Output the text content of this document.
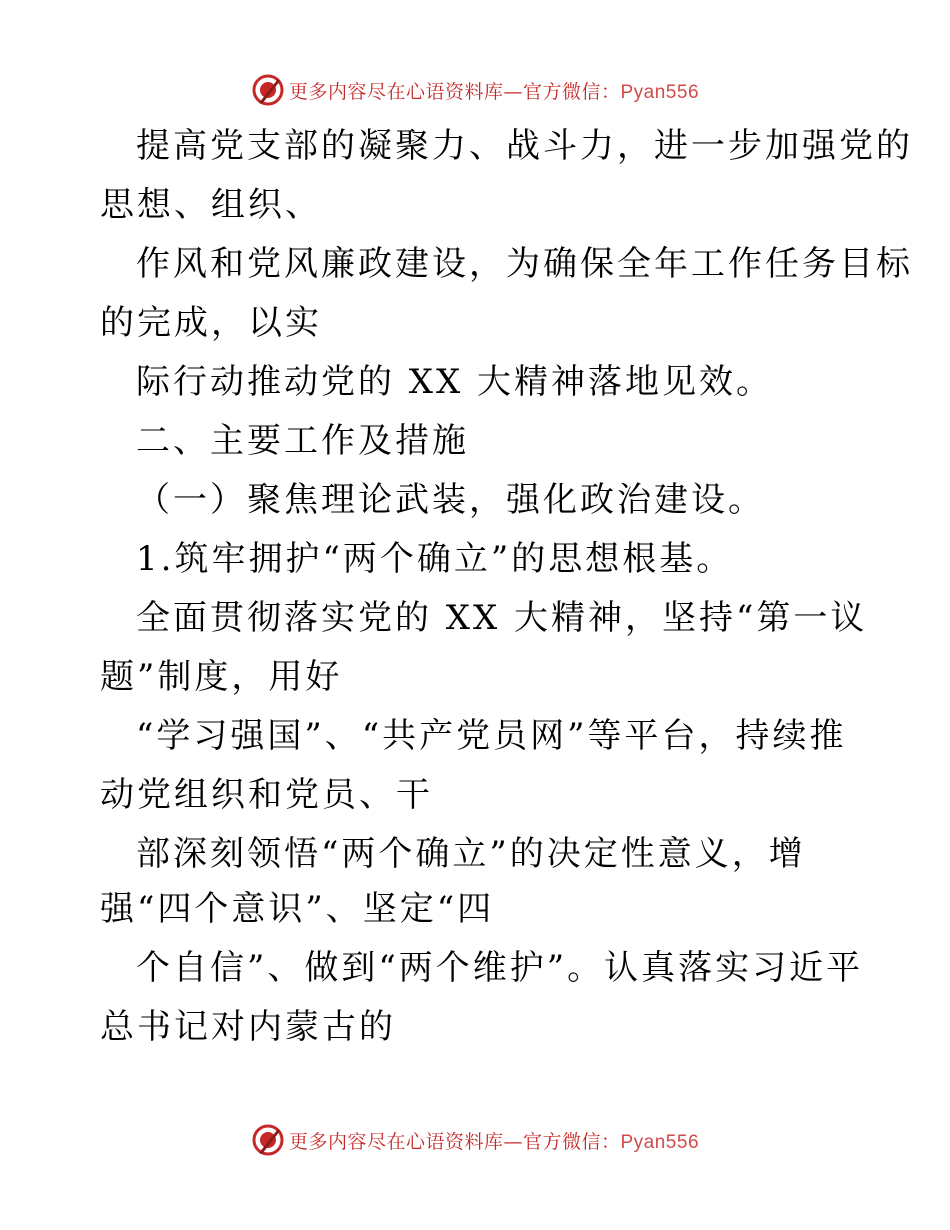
更多内容尽在心语资料库—官方微信：Pyan556
提高党支部的凝聚力、战斗力，进一步加强党的
思想、组织、
作风和党风廉政建设，为确保全年工作任务目标
的完成，以实
际行动推动党的 XX 大精神落地见效。
二、主要工作及措施
（一）聚焦理论武装，强化政治建设。
1.筑牢拥护“两个确立”的思想根基。
全面贯彻落实党的 XX 大精神，坚持“第一议
题”制度，用好
“学习强国”、“共产党员网”等平台，持续推
动党组织和党员、干
部深刻领悟“两个确立”的决定性意义，增
强“四个意识”、坚定“四
个自信”、做到“两个维护”。认真落实习近平
总书记对内蒙古的
更多内容尽在心语资料库—官方微信：Pyan556
